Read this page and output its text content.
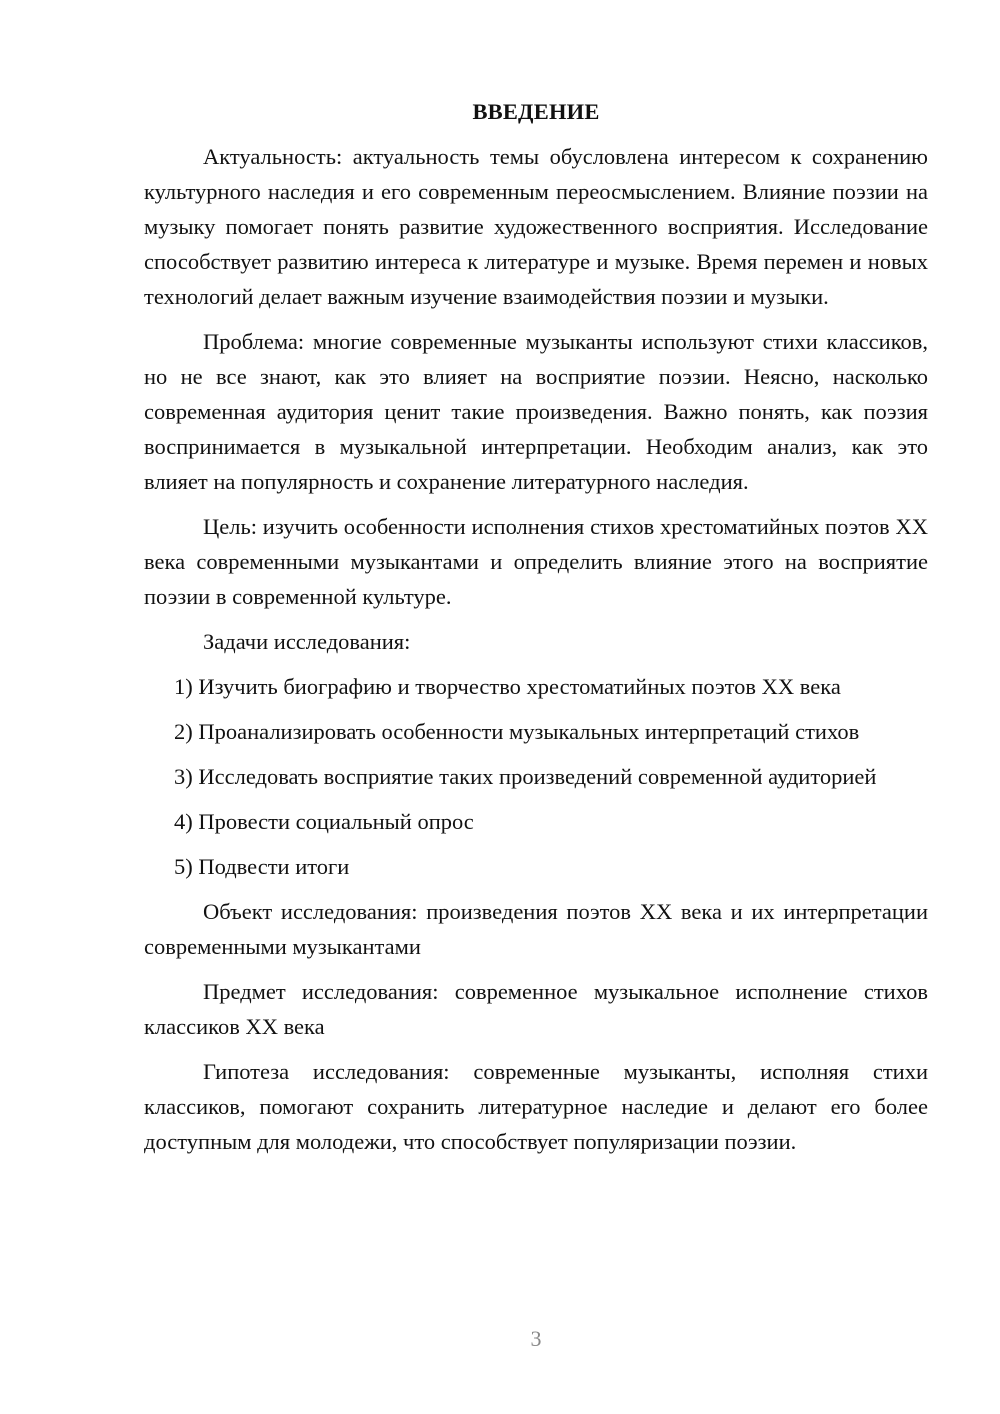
ВВЕДЕНИЕ

Актуальность: актуальность темы обусловлена интересом к сохранению культурного наследия и его современным переосмыслением. Влияние поэзии на музыку помогает понять развитие художественного восприятия. Исследование способствует развитию интереса к литературе и музыке. Время перемен и новых технологий делает важным изучение взаимодействия поэзии и музыки.

Проблема: многие современные музыканты используют стихи классиков, но не все знают, как это влияет на восприятие поэзии. Неясно, насколько современная аудитория ценит такие произведения. Важно понять, как поэзия воспринимается в музыкальной интерпретации. Необходим анализ, как это влияет на популярность и сохранение литературного наследия.

Цель: изучить особенности исполнения стихов хрестоматийных поэтов XX века современными музыкантами и определить влияние этого на восприятие поэзии в современной культуре.

Задачи исследования:

1) Изучить биографию и творчество хрестоматийных поэтов XX века

2) Проанализировать особенности музыкальных интерпретаций стихов

3) Исследовать восприятие таких произведений современной аудиторией

4) Провести социальный опрос

5) Подвести итоги

Объект исследования: произведения поэтов XX века и их интерпретации современными музыкантами

Предмет исследования: современное музыкальное исполнение стихов классиков XX века

Гипотеза исследования: современные музыканты, исполняя стихи классиков, помогают сохранить литературное наследие и делают его более доступным для молодежи, что способствует популяризации поэзии.

3
